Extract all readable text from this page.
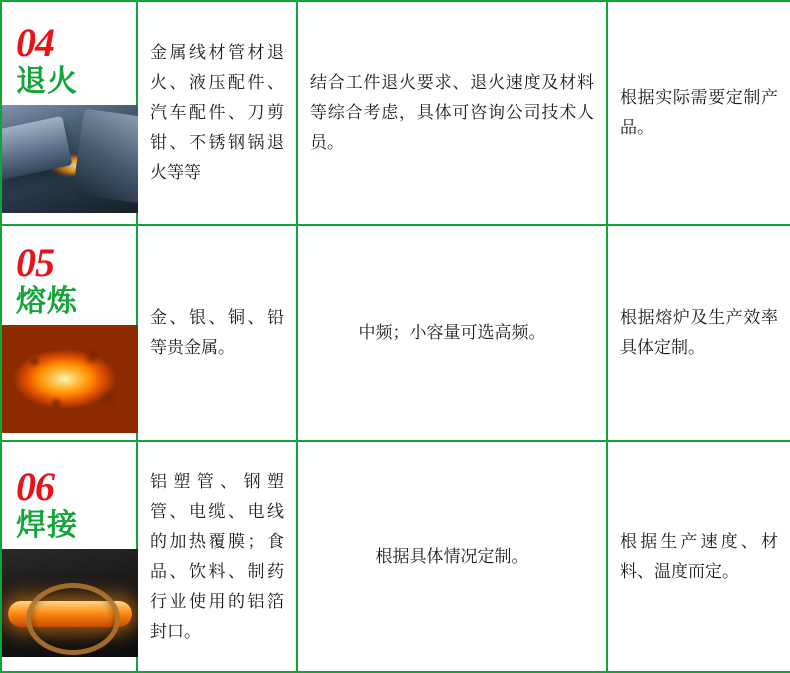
04
退火	金属线材管材退火、液压配件、汽车配件、刀剪钳、不锈钢锅退火等等	结合工件退火要求、退火速度及材料等综合考虑，具体可咨询公司技术人员。	根据实际需要定制产品。

05
熔炼	金、银、铜、铅等贵金属。	中频；小容量可选高频。	根据熔炉及生产效率具体定制。

06
焊接	铝塑管、钢塑管、电缆、电线的加热覆膜；食品、饮料、制药行业使用的铝箔封口。	根据具体情况定制。	根据生产速度、材料、温度而定。
